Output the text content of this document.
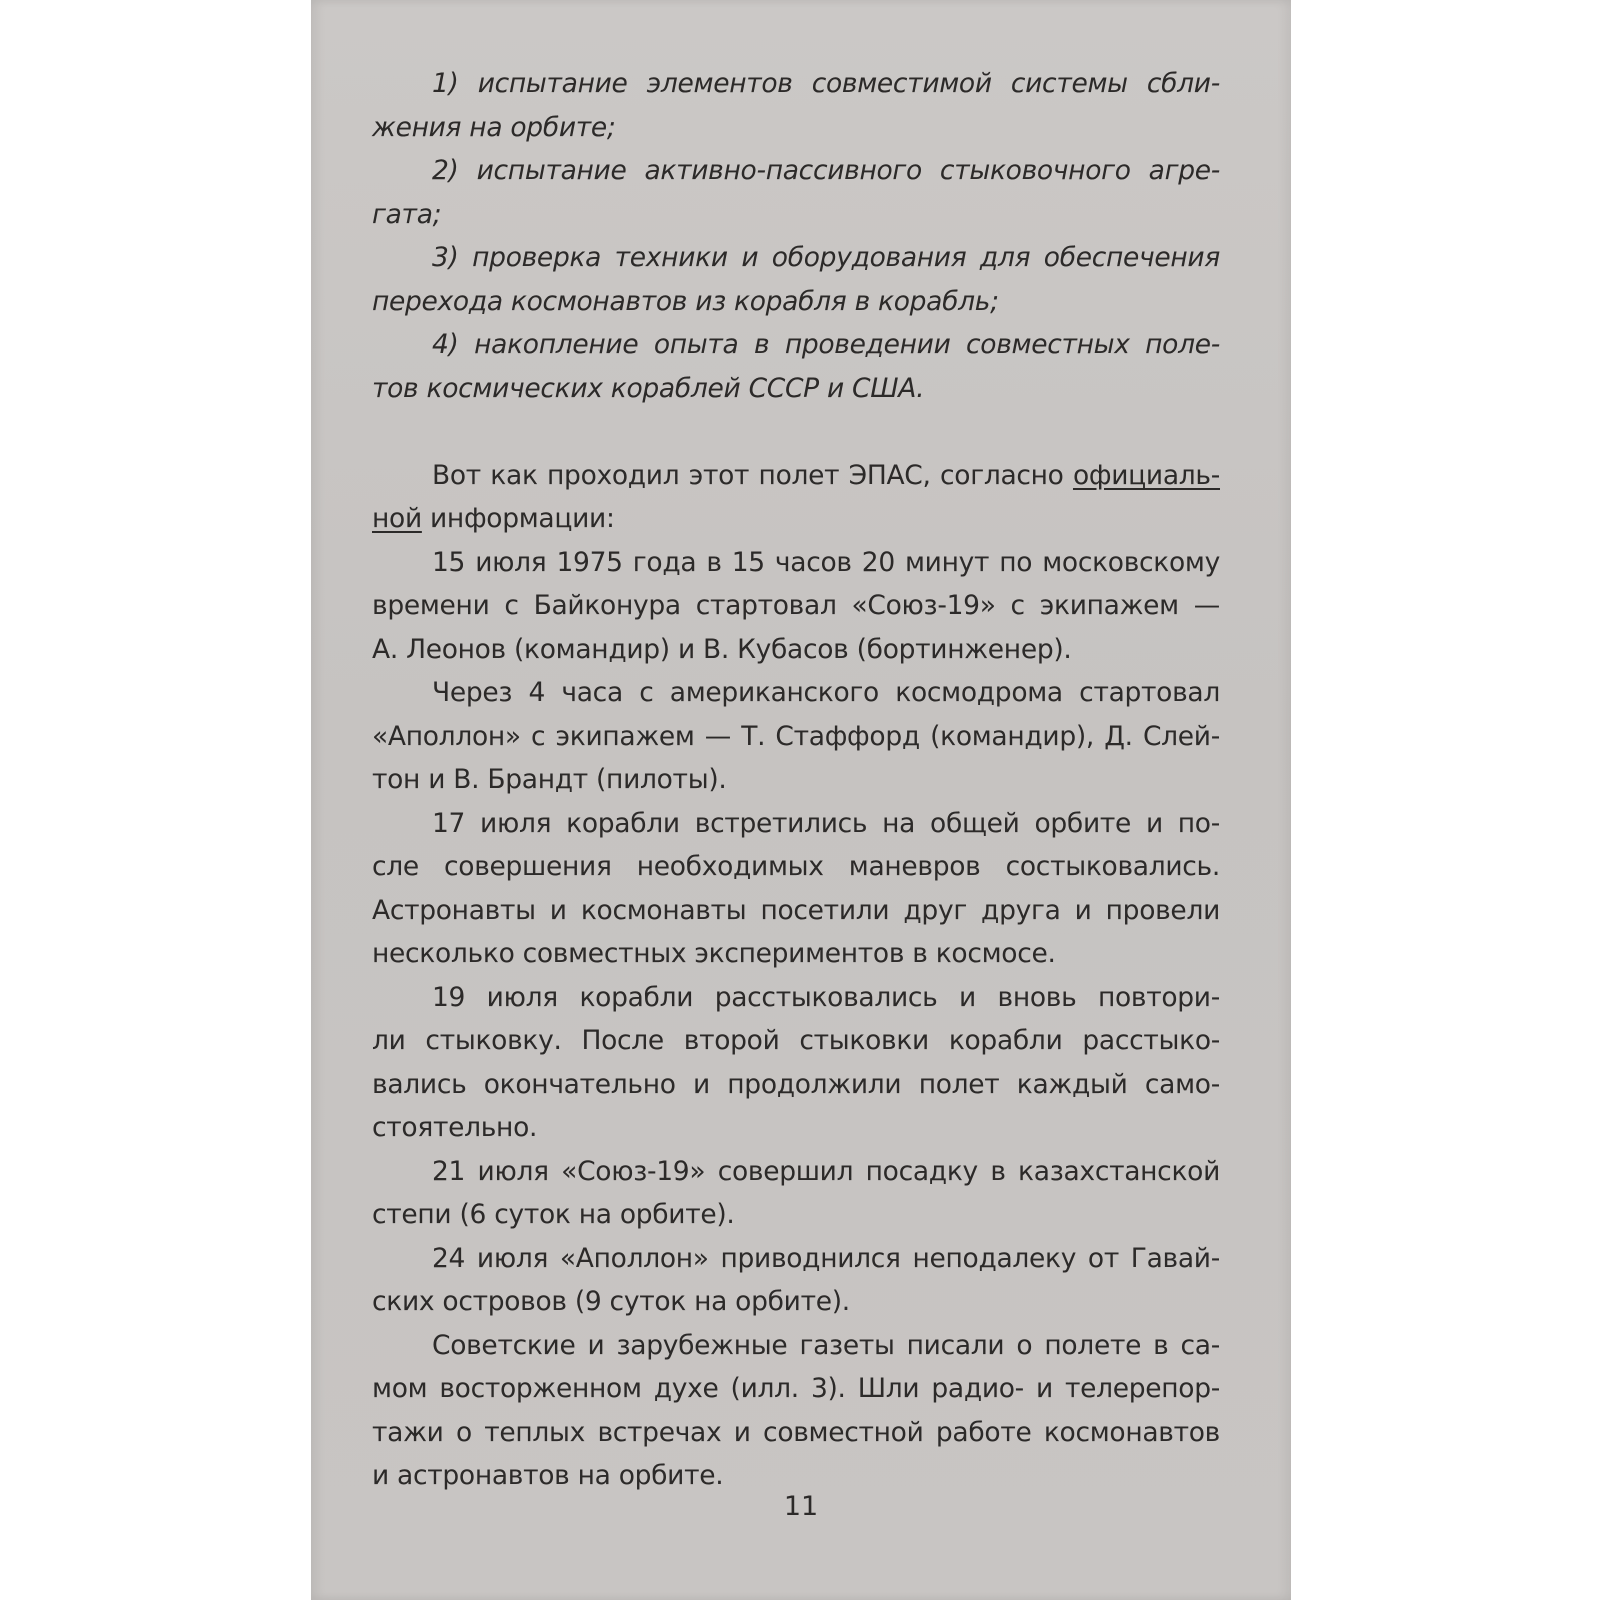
1) испытание элементов совместимой системы сбли-
жения на орбите;
2) испытание активно-пассивного стыковочного агре-
гата;
3) проверка техники и оборудования для обеспечения
перехода космонавтов из корабля в корабль;
4) накопление опыта в проведении совместных поле-
тов космических кораблей СССР и США.
Вот как проходил этот полет ЭПАС, согласно официаль-
ной информации:
15 июля 1975 года в 15 часов 20 минут по московскому
времени с Байконура стартовал «Союз-19» с экипажем —
А. Леонов (командир) и В. Кубасов (бортинженер).
Через 4 часа с американского космодрома стартовал
«Аполлон» с экипажем — Т. Стаффорд (командир), Д. Слей-
тон и В. Брандт (пилоты).
17 июля корабли встретились на общей орбите и по-
сле совершения необходимых маневров состыковались.
Астронавты и космонавты посетили друг друга и провели
несколько совместных экспериментов в космосе.
19 июля корабли расстыковались и вновь повтори-
ли стыковку. После второй стыковки корабли расстыко-
вались окончательно и продолжили полет каждый само-
стоятельно.
21 июля «Союз-19» совершил посадку в казахстанской
степи (6 суток на орбите).
24 июля «Аполлон» приводнился неподалеку от Гавай-
ских островов (9 суток на орбите).
Советские и зарубежные газеты писали о полете в са-
мом восторженном духе (илл. 3). Шли радио- и телерепор-
тажи о теплых встречах и совместной работе космонавтов
и астронавтов на орбите.
11
